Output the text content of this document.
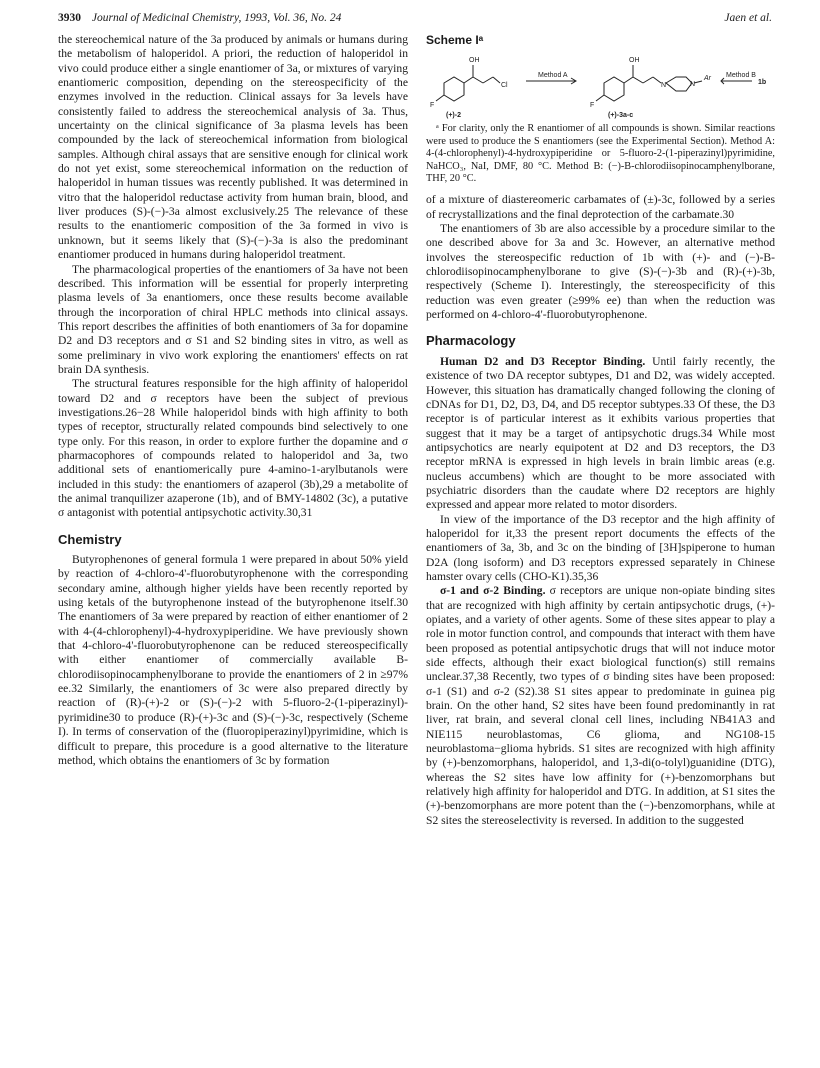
3930 Journal of Medicinal Chemistry, 1993, Vol. 36, No. 24	Jaen et al.

the stereochemical nature of the 3a produced by animals or humans during the metabolism of haloperidol. A priori, the reduction of haloperidol in vivo could produce either a single enantiomer of 3a, or mixtures of varying enantiomeric composition, depending on the stereospecificity of the enzymes involved in the reduction. Clinical assays for 3a levels have consistently failed to address the stereochemical analysis of 3a. Thus, uncertainty on the clinical significance of 3a plasma levels has been compounded by the lack of stereochemical information from biological samples. Although chiral assays that are sensitive enough for clinical work do not yet exist, some stereochemical information on the reduction of haloperidol in human tissues was recently published. It was determined in vitro that the haloperidol reductase activity from human brain, blood, and liver produces (S)-(−)-3a almost exclusively.25 The relevance of these results to the enantiomeric composition of the 3a formed in vivo is unknown, but it seems likely that (S)-(−)-3a is also the predominant enantiomer produced in humans during haloperidol treatment.

The pharmacological properties of the enantiomers of 3a have not been described. This information will be essential for properly interpreting plasma levels of 3a enantiomers, once these results become available through the incorporation of chiral HPLC methods into clinical assays. This report describes the affinities of both enantiomers of 3a for dopamine D2 and D3 receptors and σ S1 and S2 binding sites in vitro, as well as some preliminary in vivo work exploring the enantiomers' effects on rat brain DA synthesis.

The structural features responsible for the high affinity of haloperidol toward D2 and σ receptors have been the subject of previous investigations.26−28 While haloperidol binds with high affinity to both types of receptor, structurally related compounds bind selectively to one type only. For this reason, in order to explore further the dopamine and σ pharmacophores of compounds related to haloperidol and 3a, two additional sets of enantiomerically pure 4-amino-1-arylbutanols were included in this study: the enantiomers of azaperol (3b),29 a metabolite of the animal tranquilizer azaperone (1b), and of BMY-14802 (3c), a putative σ antagonist with potential antipsychotic activity.30,31

Chemistry

Butyrophenones of general formula 1 were prepared in about 50% yield by reaction of 4-chloro-4'-fluorobutyrophenone with the corresponding secondary amine, although higher yields have been recently reported by using ketals of the butyrophenone instead of the butyrophenone itself.30 The enantiomers of 3a were prepared by reaction of either enantiomer of 2 with 4-(4-chlorophenyl)-4-hydroxypiperidine. We have previously shown that 4-chloro-4'-fluorobutyrophenone can be reduced stereospecifically with either enantiomer of commercially available B-chlorodiisopinocamphenylborane to provide the enantiomers of 2 in ≥97% ee.32 Similarly, the enantiomers of 3c were also prepared directly by reaction of (R)-(+)-2 or (S)-(−)-2 with 5-fluoro-2-(1-piperazinyl)-pyrimidine30 to produce (R)-(+)-3c and (S)-(−)-3c, respectively (Scheme I). In terms of conservation of the (fluoropiperazinyl)pyrimidine, which is difficult to prepare, this procedure is a good alternative to the literature method, which obtains the enantiomers of 3c by formation

Scheme Iᵃ
OH
F
Cl
Method A
OH
F
N	N
Ar Method B
1b
(+)-2	(+)-3a-c
ᵃ For clarity, only the R enantiomer of all compounds is shown. Similar reactions were used to produce the S enantiomers (see the Experimental Section). Method A: 4-(4-chlorophenyl)-4-hydroxypiperidine or 5-fluoro-2-(1-piperazinyl)pyrimidine, NaHCO₃, NaI, DMF, 80 °C. Method B: (−)-B-chlorodiisopinocamphenylborane, THF, 20 °C.

of a mixture of diastereomeric carbamates of (±)-3c, followed by a series of recrystallizations and the final deprotection of the carbamate.30

The enantiomers of 3b are also accessible by a procedure similar to the one described above for 3a and 3c. However, an alternative method involves the stereospecific reduction of 1b with (+)- and (−)-B-chlorodiisopinocamphenylborane to give (S)-(−)-3b and (R)-(+)-3b, respectively (Scheme I). Interestingly, the stereospecificity of this reduction was even greater (≥99% ee) than when the reduction was performed on 4-chloro-4'-fluorobutyrophenone.

Pharmacology

Human D2 and D3 Receptor Binding. Until fairly recently, the existence of two DA receptor subtypes, D1 and D2, was widely accepted. However, this situation has dramatically changed following the cloning of cDNAs for D1, D2, D3, D4, and D5 receptor subtypes.33 Of these, the D3 receptor is of particular interest as it exhibits various properties that suggest that it may be a target of antipsychotic drugs.34 While most antipsychotics are nearly equipotent at D2 and D3 receptors, the D3 receptor mRNA is expressed in high levels in brain limbic areas (e.g. nucleus accumbens) which are thought to be more associated with psychiatric disorders than the caudate where D2 receptors are highly expressed and appear more related to motor disorders.

In view of the importance of the D3 receptor and the high affinity of haloperidol for it,33 the present report documents the effects of the enantiomers of 3a, 3b, and 3c on the binding of [3H]spiperone to human D2A (long isoform) and D3 receptors expressed separately in Chinese hamster ovary cells (CHO-K1).35,36

σ-1 and σ-2 Binding. σ receptors are unique non-opiate binding sites that are recognized with high affinity by certain antipsychotic drugs, (+)-opiates, and a variety of other agents. Some of these sites appear to play a role in motor function control, and compounds that interact with them have been proposed as potential antipsychotic drugs that will not induce motor side effects, although their exact biological function(s) still remains unclear.37,38 Recently, two types of σ binding sites have been proposed: σ-1 (S1) and σ-2 (S2).38 S1 sites appear to predominate in guinea pig brain. On the other hand, S2 sites have been found predominantly in rat liver, rat brain, and several clonal cell lines, including NB41A3 and NIE115 neuroblastomas, C6 glioma, and NG108-15 neuroblastoma−glioma hybrids. S1 sites are recognized with high affinity by (+)-benzomorphans, haloperidol, and 1,3-di(o-tolyl)guanidine (DTG), whereas the S2 sites have low affinity for (+)-benzomorphans but relatively high affinity for haloperidol and DTG. In addition, at S1 sites the (+)-benzomorphans are more potent than the (−)-benzomorphans, while at S2 sites the stereoselectivity is reversed. In addition to the suggested
